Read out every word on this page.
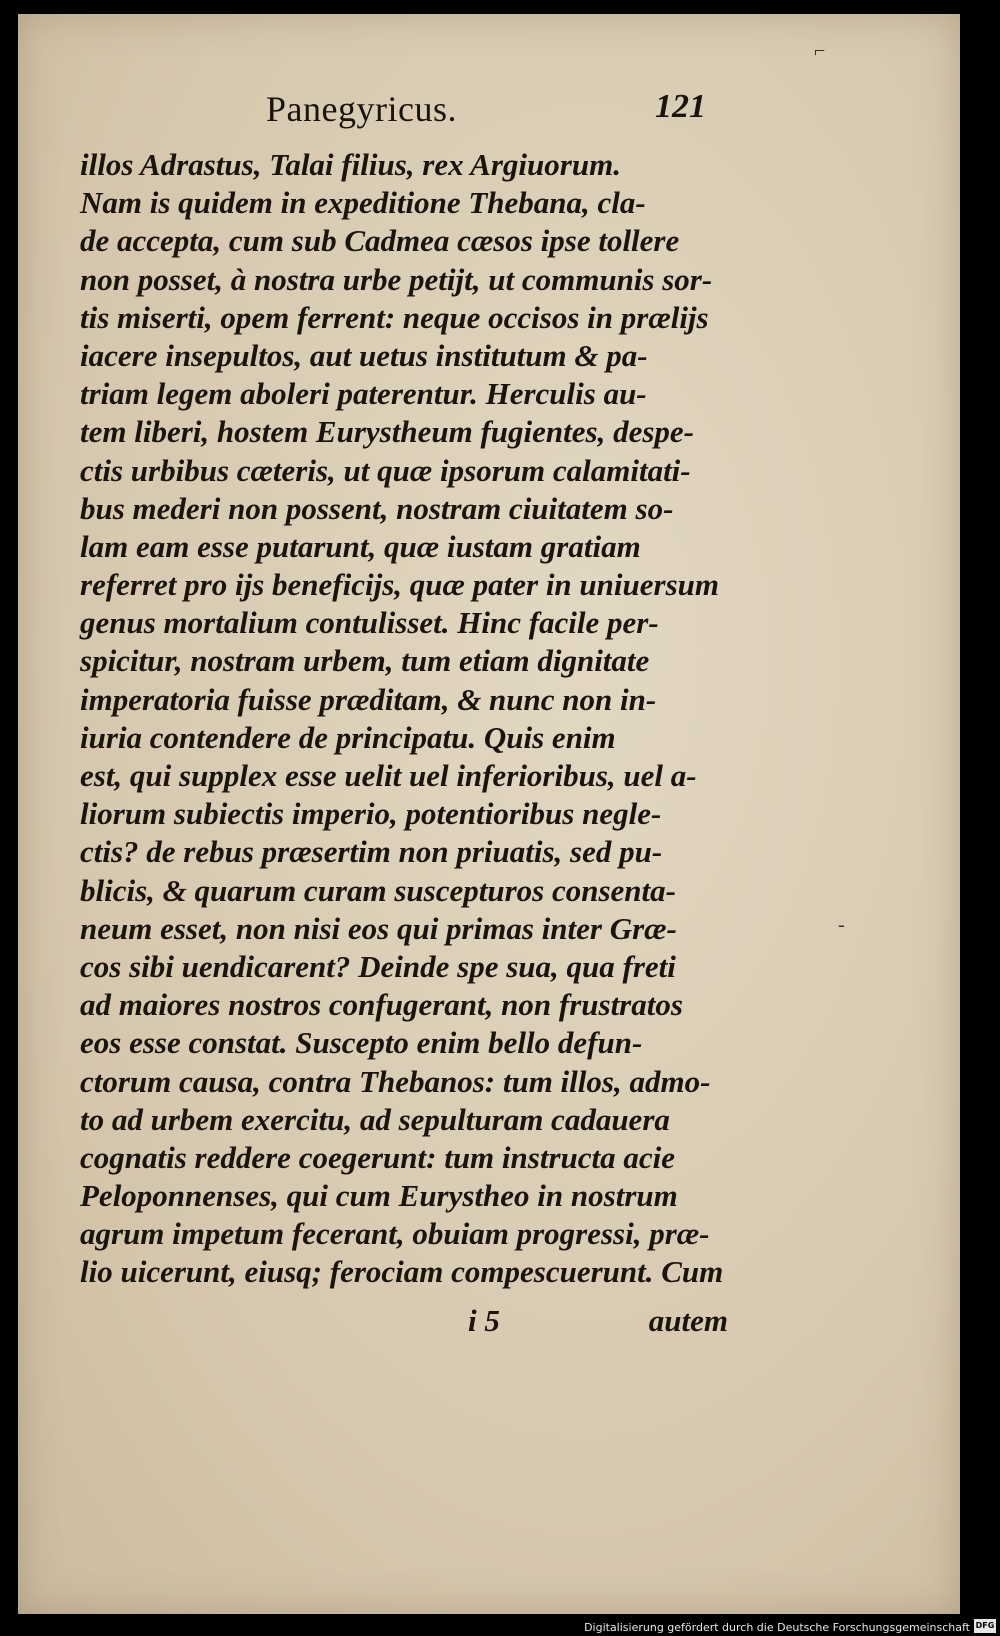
Panegyricus.	121
illos Adrastus, Talai filius, rex Argiuorum.
Nam is quidem in expeditione Thebana, cla-
de accepta, cum sub Cadmea cæsos ipse tollere
non posset, à nostra urbe petijt, ut communis sor-
tis miserti, opem ferrent: neque occisos in prælijs
iacere insepultos, aut uetus institutum & pa-
triam legem aboleri paterentur. Herculis au-
tem liberi, hostem Eurystheum fugientes, despe-
ctis urbibus cæteris, ut quæ ipsorum calamitati-
bus mederi non possent, nostram ciuitatem so-
lam eam esse putarunt, quæ iustam gratiam
referret pro ijs beneficijs, quæ pater in uniuersum
genus mortalium contulisset. Hinc facile per-
spicitur, nostram urbem, tum etiam dignitate
imperatoria fuisse præditam, & nunc non in-
iuria contendere de principatu. Quis enim
est, qui supplex esse uelit uel inferioribus, uel a-
liorum subiectis imperio, potentioribus negle-
ctis? de rebus præsertim non priuatis, sed pu-
blicis, & quarum curam suscepturos consenta-
neum esset, non nisi eos qui primas inter Græ-
cos sibi uendicarent? Deinde spe sua, qua freti
ad maiores nostros confugerant, non frustratos
eos esse constat. Suscepto enim bello defun-
ctorum causa, contra Thebanos: tum illos, admo-
to ad urbem exercitu, ad sepulturam cadauera
cognatis reddere coegerunt: tum instructa acie
Peloponnenses, qui cum Eurystheo in nostrum
agrum impetum fecerant, obuiam progressi, præ-
lio uicerunt, eiusq; ferociam compescuerunt. Cum
i 5	autem
⌐
-
Digitalisierung gefördert durch die Deutsche Forschungsgemeinschaft DFG
